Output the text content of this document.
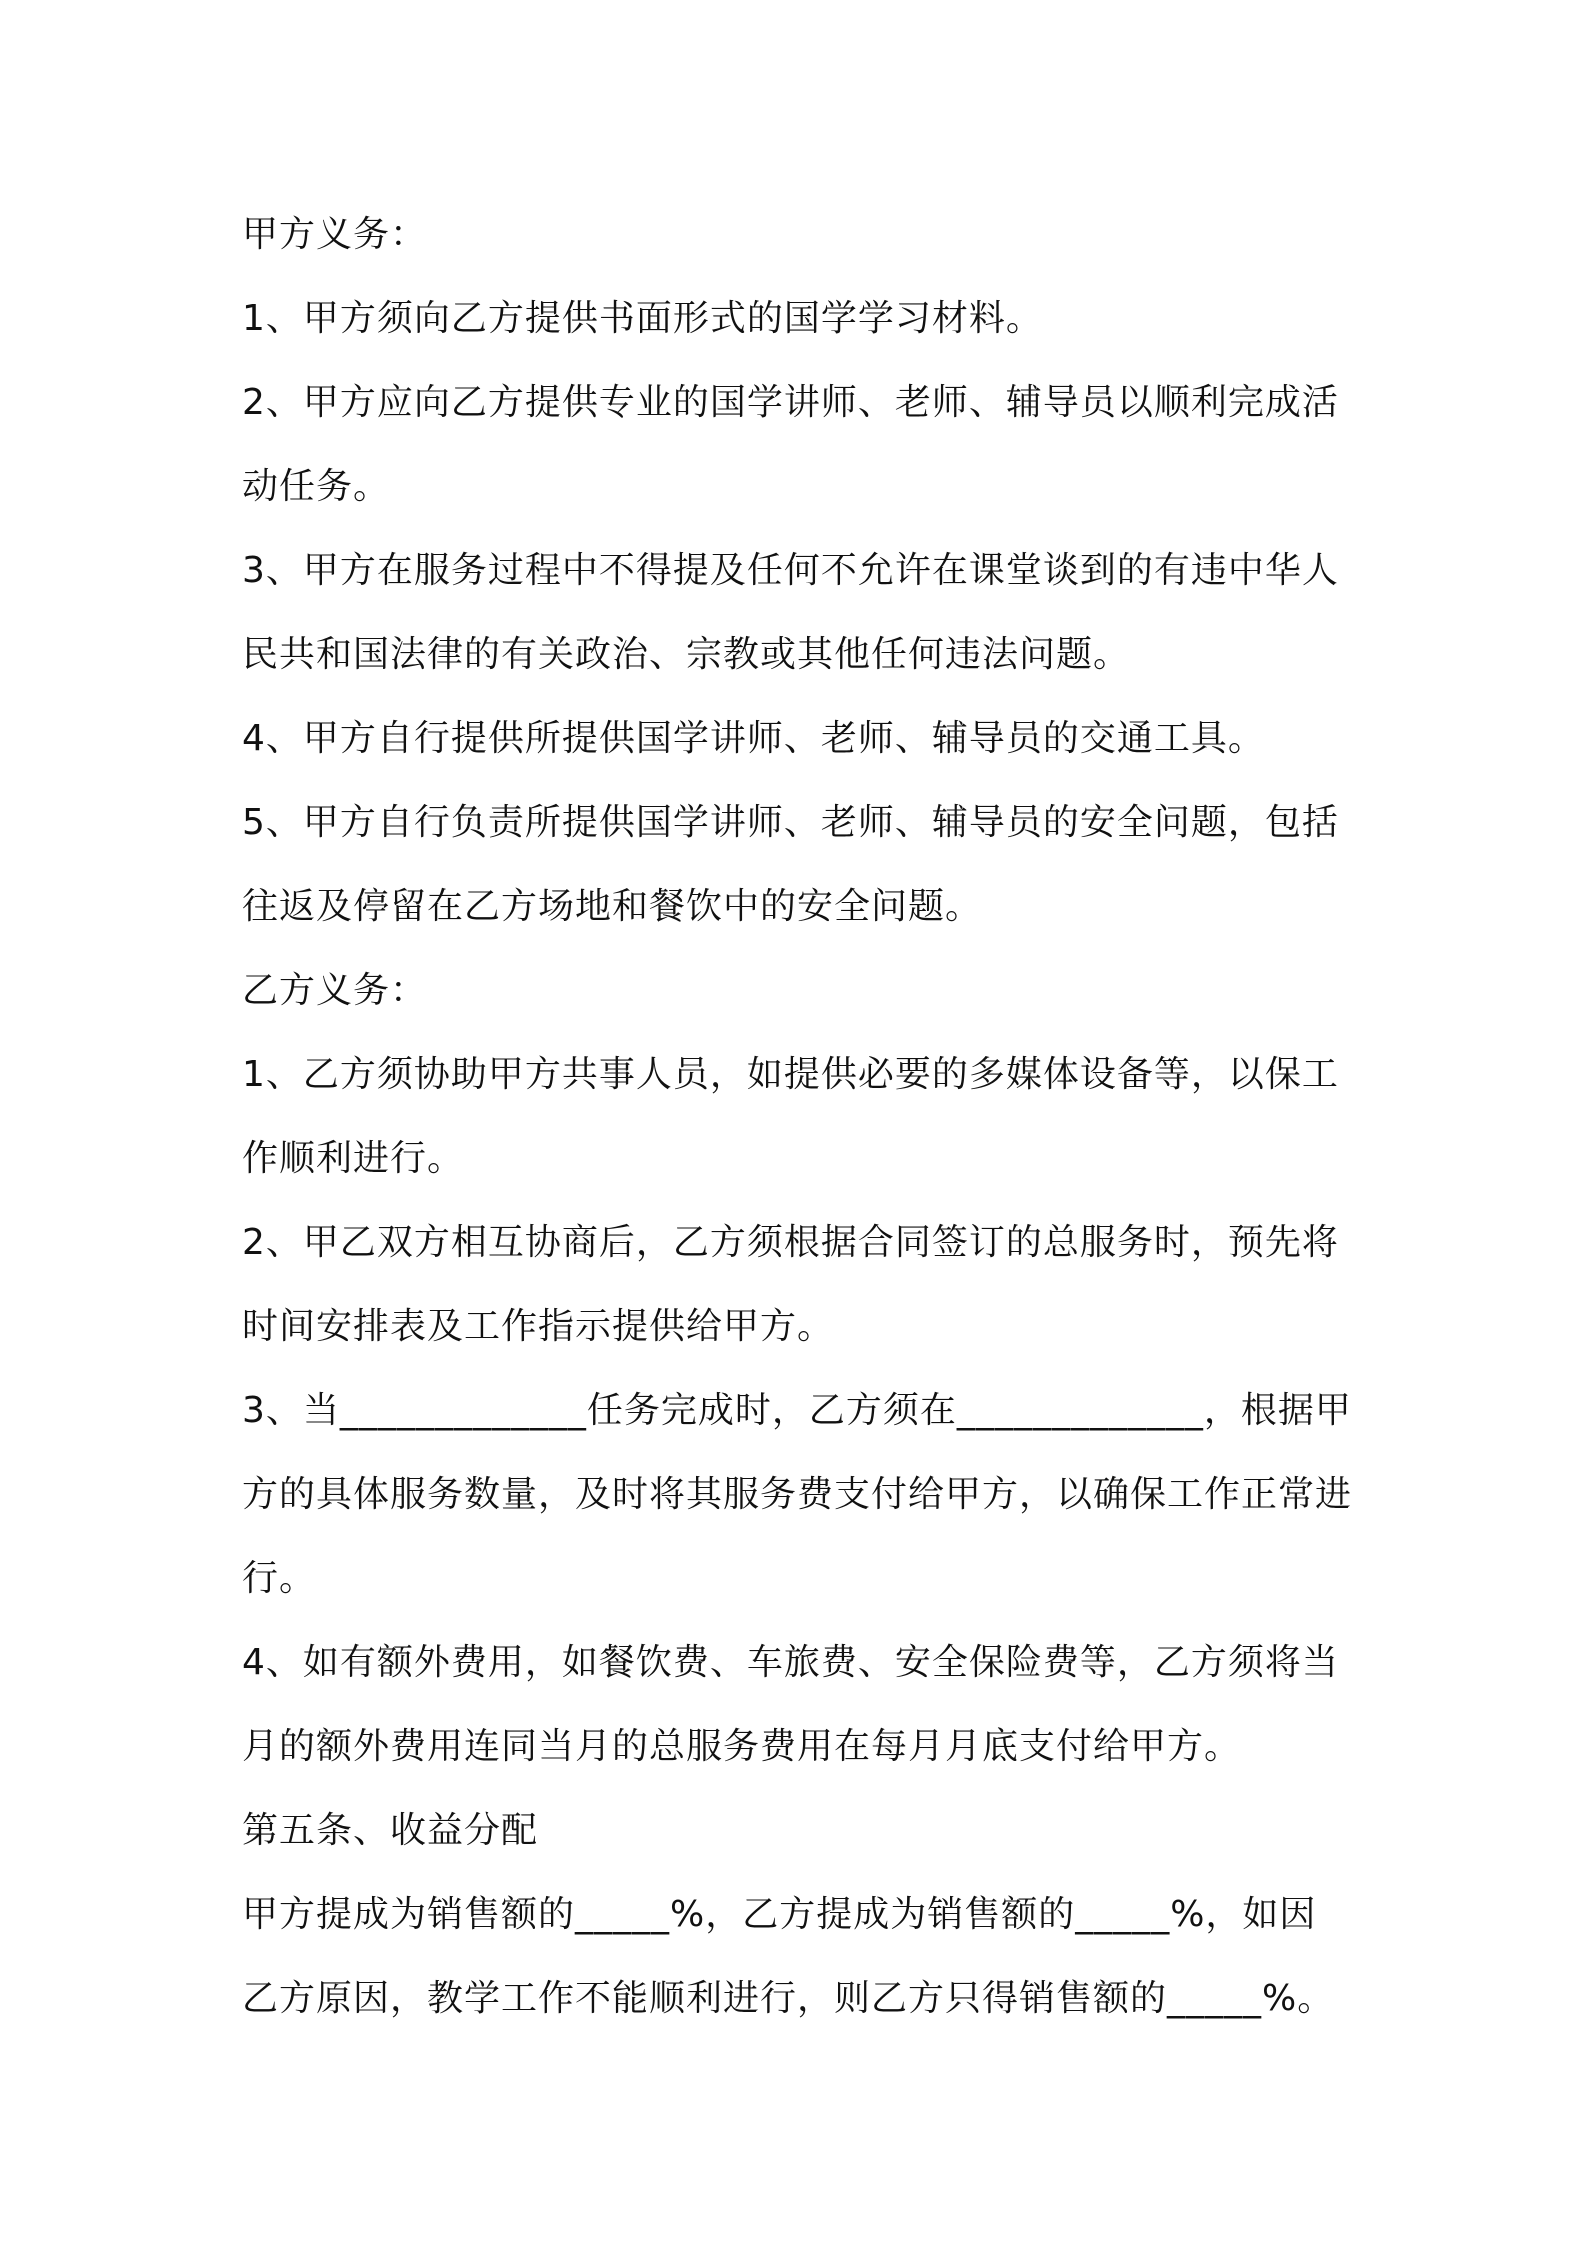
甲方义务：

1、甲方须向乙方提供书面形式的国学学习材料。

2、甲方应向乙方提供专业的国学讲师、老师、辅导员以顺利完成活

动任务。

3、甲方在服务过程中不得提及任何不允许在课堂谈到的有违中华人

民共和国法律的有关政治、宗教或其他任何违法问题。

4、甲方自行提供所提供国学讲师、老师、辅导员的交通工具。

5、甲方自行负责所提供国学讲师、老师、辅导员的安全问题，包括

往返及停留在乙方场地和餐饮中的安全问题。

乙方义务：

1、乙方须协助甲方共事人员，如提供必要的多媒体设备等，以保工

作顺利进行。

2、甲乙双方相互协商后，乙方须根据合同签订的总服务时，预先将

时间安排表及工作指示提供给甲方。

3、当_____________任务完成时，乙方须在_____________，根据甲

方的具体服务数量，及时将其服务费支付给甲方，以确保工作正常进

行。

4、如有额外费用，如餐饮费、车旅费、安全保险费等，乙方须将当

月的额外费用连同当月的总服务费用在每月月底支付给甲方。

第五条、收益分配

甲方提成为销售额的_____%，乙方提成为销售额的_____%，如因

乙方原因，教学工作不能顺利进行，则乙方只得销售额的_____%。
